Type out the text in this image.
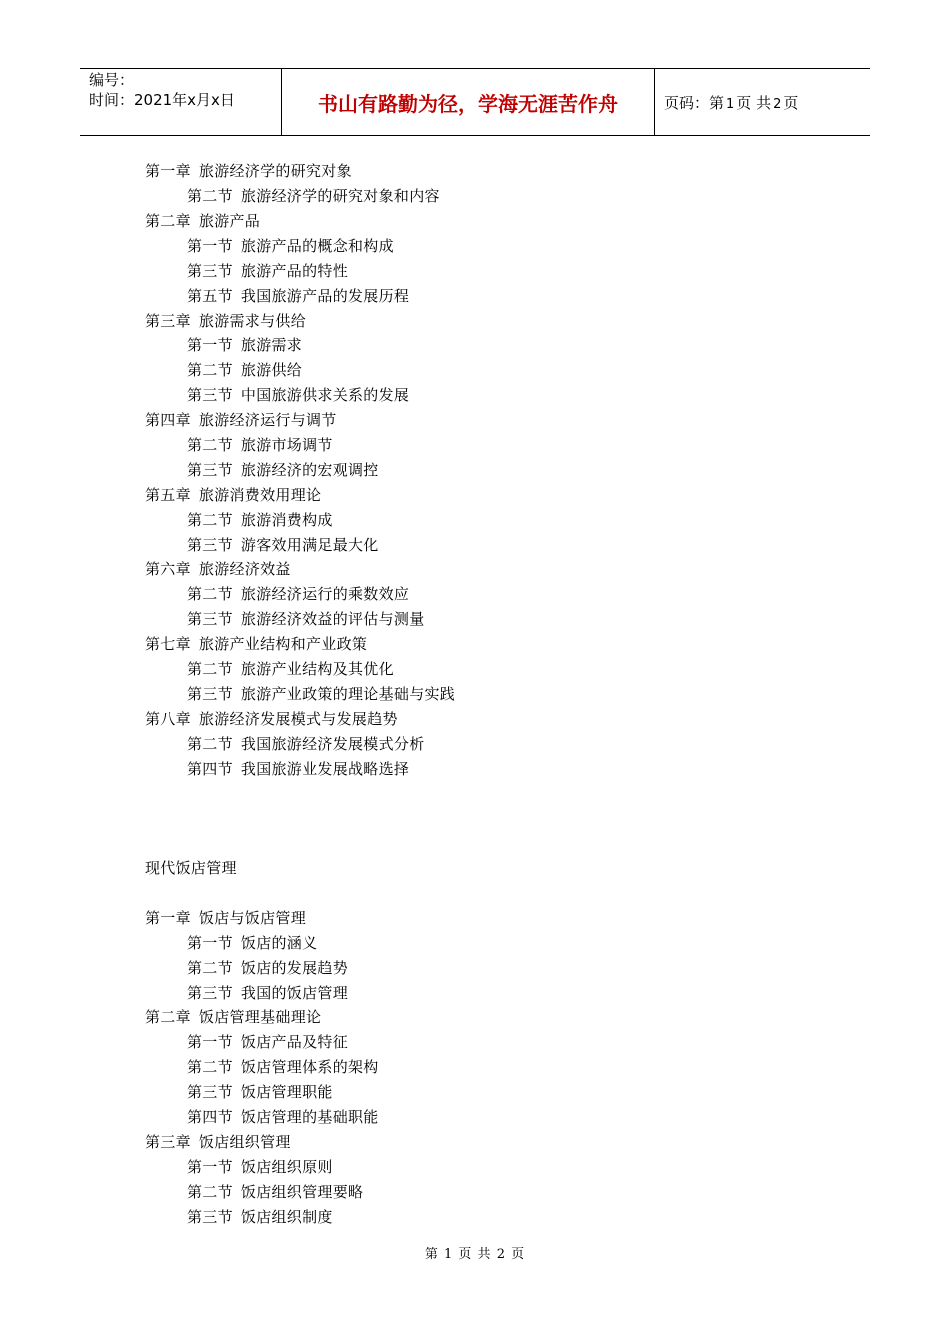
编号：
时间：2021年x月x日	书山有路勤为径，学海无涯苦作舟	页码：第 1 页 共 2 页
第一章 旅游经济学的研究对象
第二节 旅游经济学的研究对象和内容
第二章 旅游产品
第一节 旅游产品的概念和构成
第三节 旅游产品的特性
第五节 我国旅游产品的发展历程
第三章 旅游需求与供给
第一节 旅游需求
第二节 旅游供给
第三节 中国旅游供求关系的发展
第四章 旅游经济运行与调节
第二节 旅游市场调节
第三节 旅游经济的宏观调控
第五章 旅游消费效用理论
第二节 旅游消费构成
第三节 游客效用满足最大化
第六章 旅游经济效益
第二节 旅游经济运行的乘数效应
第三节 旅游经济效益的评估与测量
第七章 旅游产业结构和产业政策
第二节 旅游产业结构及其优化
第三节 旅游产业政策的理论基础与实践
第八章 旅游经济发展模式与发展趋势
第二节 我国旅游经济发展模式分析
第四节 我国旅游业发展战略选择
现代饭店管理
第一章 饭店与饭店管理
第一节 饭店的涵义
第二节 饭店的发展趋势
第三节 我国的饭店管理
第二章 饭店管理基础理论
第一节 饭店产品及特征
第二节 饭店管理体系的架构
第三节 饭店管理职能
第四节 饭店管理的基础职能
第三章 饭店组织管理
第一节 饭店组织原则
第二节 饭店组织管理要略
第三节 饭店组织制度
第 1 页 共 2 页
